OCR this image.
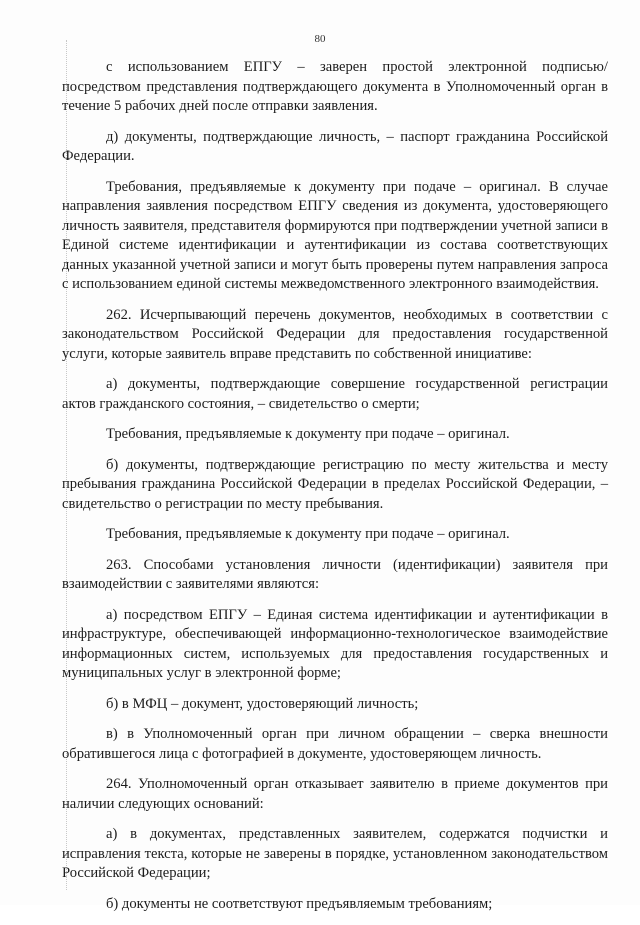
80

с использованием ЕПГУ – заверен простой электронной подписью/ посредством представления подтверждающего документа в Уполномоченный орган в течение 5 рабочих дней после отправки заявления.

д) документы, подтверждающие личность, – паспорт гражданина Российской Федерации.

Требования, предъявляемые к документу при подаче – оригинал. В случае направления заявления посредством ЕПГУ сведения из документа, удостоверяющего личность заявителя, представителя формируются при подтверждении учетной записи в Единой системе идентификации и аутентификации из состава соответствующих данных указанной учетной записи и могут быть проверены путем направления запроса с использованием единой системы межведомственного электронного взаимодействия.

262. Исчерпывающий перечень документов, необходимых в соответствии с законодательством Российской Федерации для предоставления государственной услуги, которые заявитель вправе представить по собственной инициативе:

а) документы, подтверждающие совершение государственной регистрации актов гражданского состояния, – свидетельство о смерти;

Требования, предъявляемые к документу при подаче – оригинал.

б) документы, подтверждающие регистрацию по месту жительства и месту пребывания гражданина Российской Федерации в пределах Российской Федерации, – свидетельство о регистрации по месту пребывания.

Требования, предъявляемые к документу при подаче – оригинал.

263. Способами установления личности (идентификации) заявителя при взаимодействии с заявителями являются:

а) посредством ЕПГУ – Единая система идентификации и аутентификации в инфраструктуре, обеспечивающей информационно-технологическое взаимодействие информационных систем, используемых для предоставления государственных и муниципальных услуг в электронной форме;

б) в МФЦ – документ, удостоверяющий личность;

в) в Уполномоченный орган при личном обращении – сверка внешности обратившегося лица с фотографией в документе, удостоверяющем личность.

264. Уполномоченный орган отказывает заявителю в приеме документов при наличии следующих оснований:

а) в документах, представленных заявителем, содержатся подчистки и исправления текста, которые не заверены в порядке, установленном законодательством Российской Федерации;

б) документы не соответствуют предъявляемым требованиям;
